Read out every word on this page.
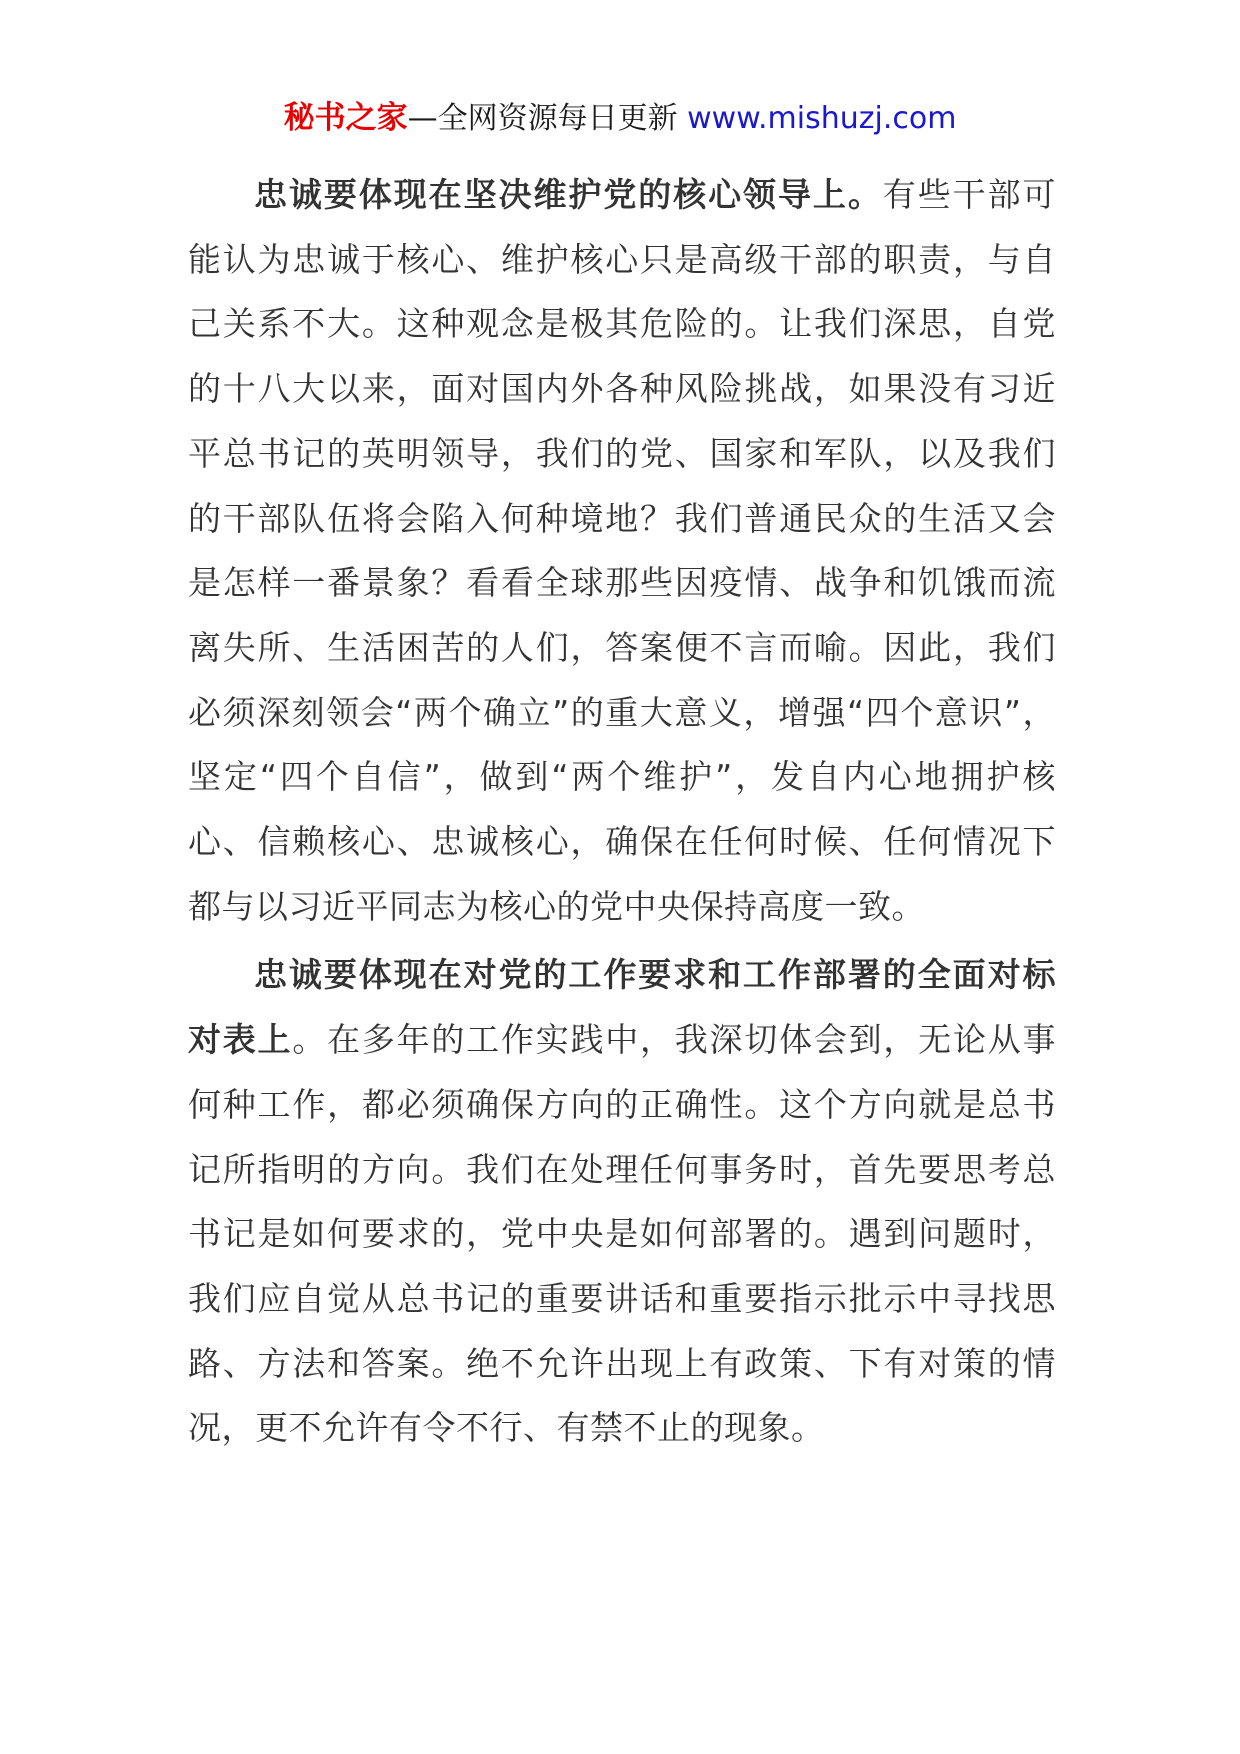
秘书之家—全网资源每日更新 www.mishuzj.com

忠诚要体现在坚决维护党的核心领导上。有些干部可能认为忠诚于核心、维护核心只是高级干部的职责，与自己关系不大。这种观念是极其危险的。让我们深思，自党的十八大以来，面对国内外各种风险挑战，如果没有习近平总书记的英明领导，我们的党、国家和军队，以及我们的干部队伍将会陷入何种境地？我们普通民众的生活又会是怎样一番景象？看看全球那些因疫情、战争和饥饿而流离失所、生活困苦的人们，答案便不言而喻。因此，我们必须深刻领会“两个确立”的重大意义，增强“四个意识”，坚定“四个自信”，做到“两个维护”，发自内心地拥护核心、信赖核心、忠诚核心，确保在任何时候、任何情况下都与以习近平同志为核心的党中央保持高度一致。

忠诚要体现在对党的工作要求和工作部署的全面对标对表上。在多年的工作实践中，我深切体会到，无论从事何种工作，都必须确保方向的正确性。这个方向就是总书记所指明的方向。我们在处理任何事务时，首先要思考总书记是如何要求的，党中央是如何部署的。遇到问题时，我们应自觉从总书记的重要讲话和重要指示批示中寻找思路、方法和答案。绝不允许出现上有政策、下有对策的情况，更不允许有令不行、有禁不止的现象。
